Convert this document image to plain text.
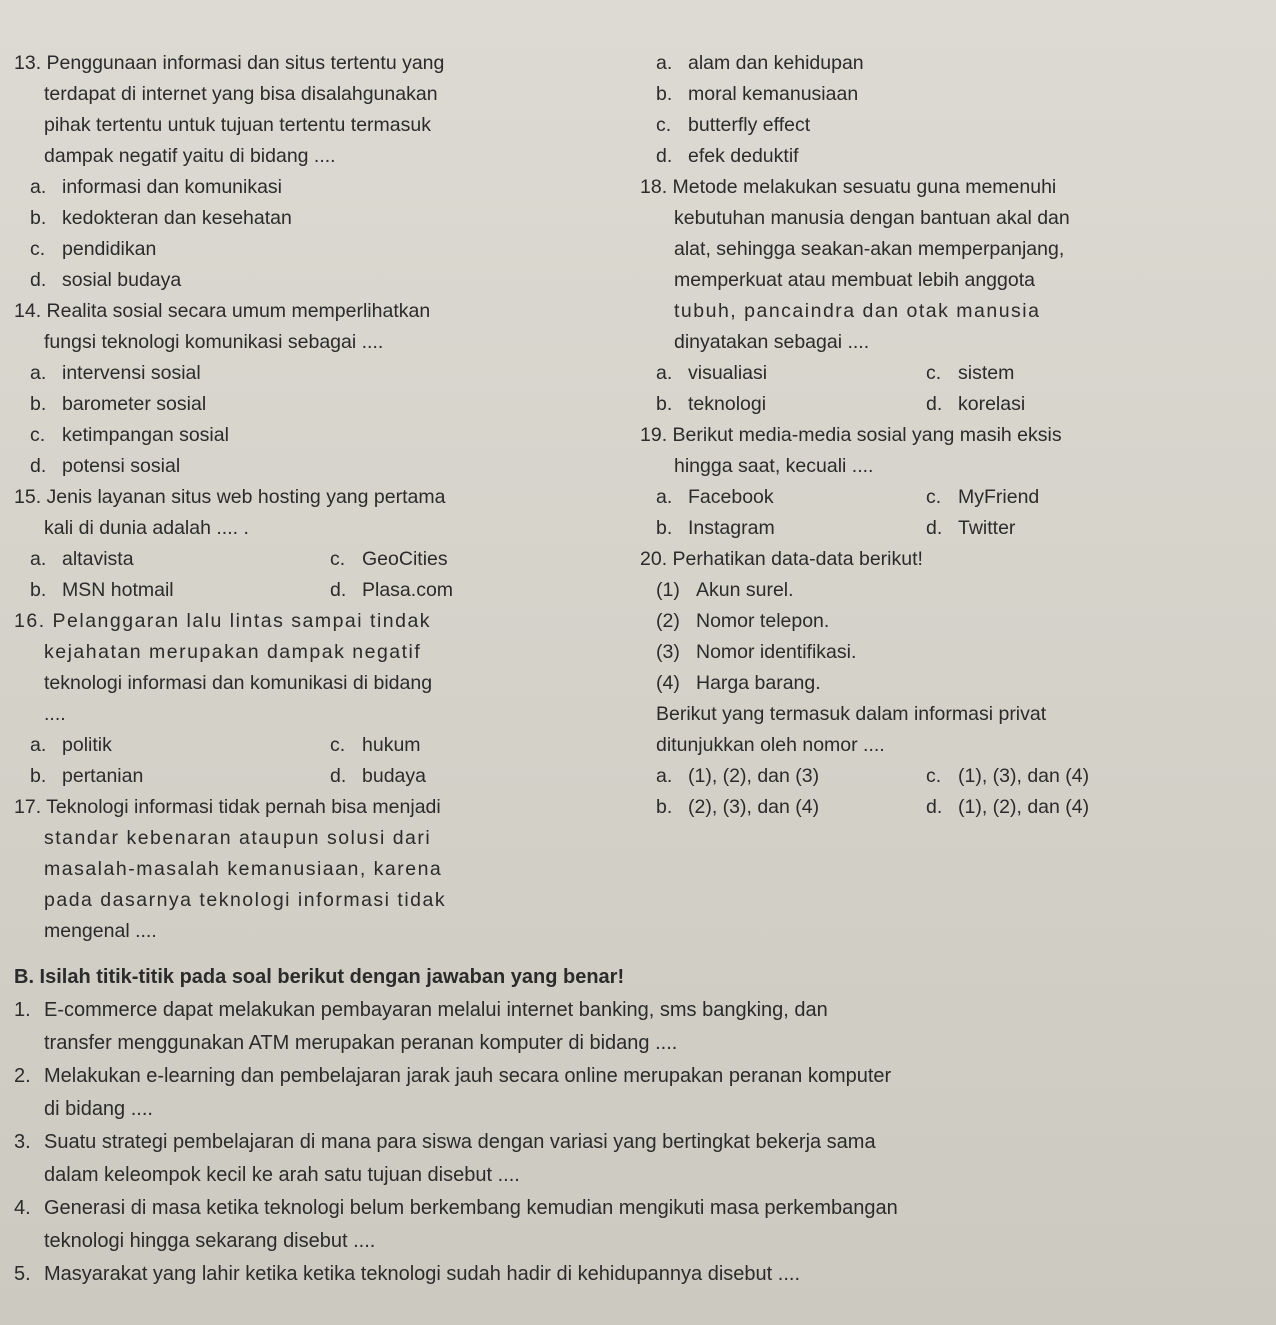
13. Penggunaan informasi dan situs tertentu yang
terdapat di internet yang bisa disalahgunakan
pihak tertentu untuk tujuan tertentu termasuk
dampak negatif yaitu di bidang ....
a. informasi dan komunikasi
b. kedokteran dan kesehatan
c. pendidikan
d. sosial budaya
14. Realita sosial secara umum memperlihatkan
fungsi teknologi komunikasi sebagai ....
a. intervensi sosial
b. barometer sosial
c. ketimpangan sosial
d. potensi sosial
15. Jenis layanan situs web hosting yang pertama
kali di dunia adalah .... .
a. altavista	c. GeoCities
b. MSN hotmail	d. Plasa.com
16. Pelanggaran lalu lintas sampai tindak
kejahatan merupakan dampak negatif
teknologi informasi dan komunikasi di bidang
....
a. politik	c. hukum
b. pertanian	d. budaya
17. Teknologi informasi tidak pernah bisa menjadi
standar kebenaran ataupun solusi dari
masalah-masalah kemanusiaan, karena
pada dasarnya teknologi informasi tidak
mengenal ....
a. alam dan kehidupan
b. moral kemanusiaan
c. butterfly effect
d. efek deduktif
18. Metode melakukan sesuatu guna memenuhi
kebutuhan manusia dengan bantuan akal dan
alat, sehingga seakan-akan memperpanjang,
memperkuat atau membuat lebih anggota
tubuh, pancaindra dan otak manusia
dinyatakan sebagai ....
a. visualiasi	c. sistem
b. teknologi	d. korelasi
19. Berikut media-media sosial yang masih eksis
hingga saat, kecuali ....
a. Facebook	c. MyFriend
b. Instagram	d. Twitter
20. Perhatikan data-data berikut!
(1) Akun surel.
(2) Nomor telepon.
(3) Nomor identifikasi.
(4) Harga barang.
Berikut yang termasuk dalam informasi privat
ditunjukkan oleh nomor ....
a. (1), (2), dan (3)	c. (1), (3), dan (4)
b. (2), (3), dan (4)	d. (1), (2), dan (4)
B. Isilah titik-titik pada soal berikut dengan jawaban yang benar!
1. E-commerce dapat melakukan pembayaran melalui internet banking, sms bangking, dan
transfer menggunakan ATM merupakan peranan komputer di bidang ....
2. Melakukan e-learning dan pembelajaran jarak jauh secara online merupakan peranan komputer
di bidang ....
3. Suatu strategi pembelajaran di mana para siswa dengan variasi yang bertingkat bekerja sama
dalam keleompok kecil ke arah satu tujuan disebut ....
4. Generasi di masa ketika teknologi belum berkembang kemudian mengikuti masa perkembangan
teknologi hingga sekarang disebut ....
5. Masyarakat yang lahir ketika ketika teknologi sudah hadir di kehidupannya disebut ....
